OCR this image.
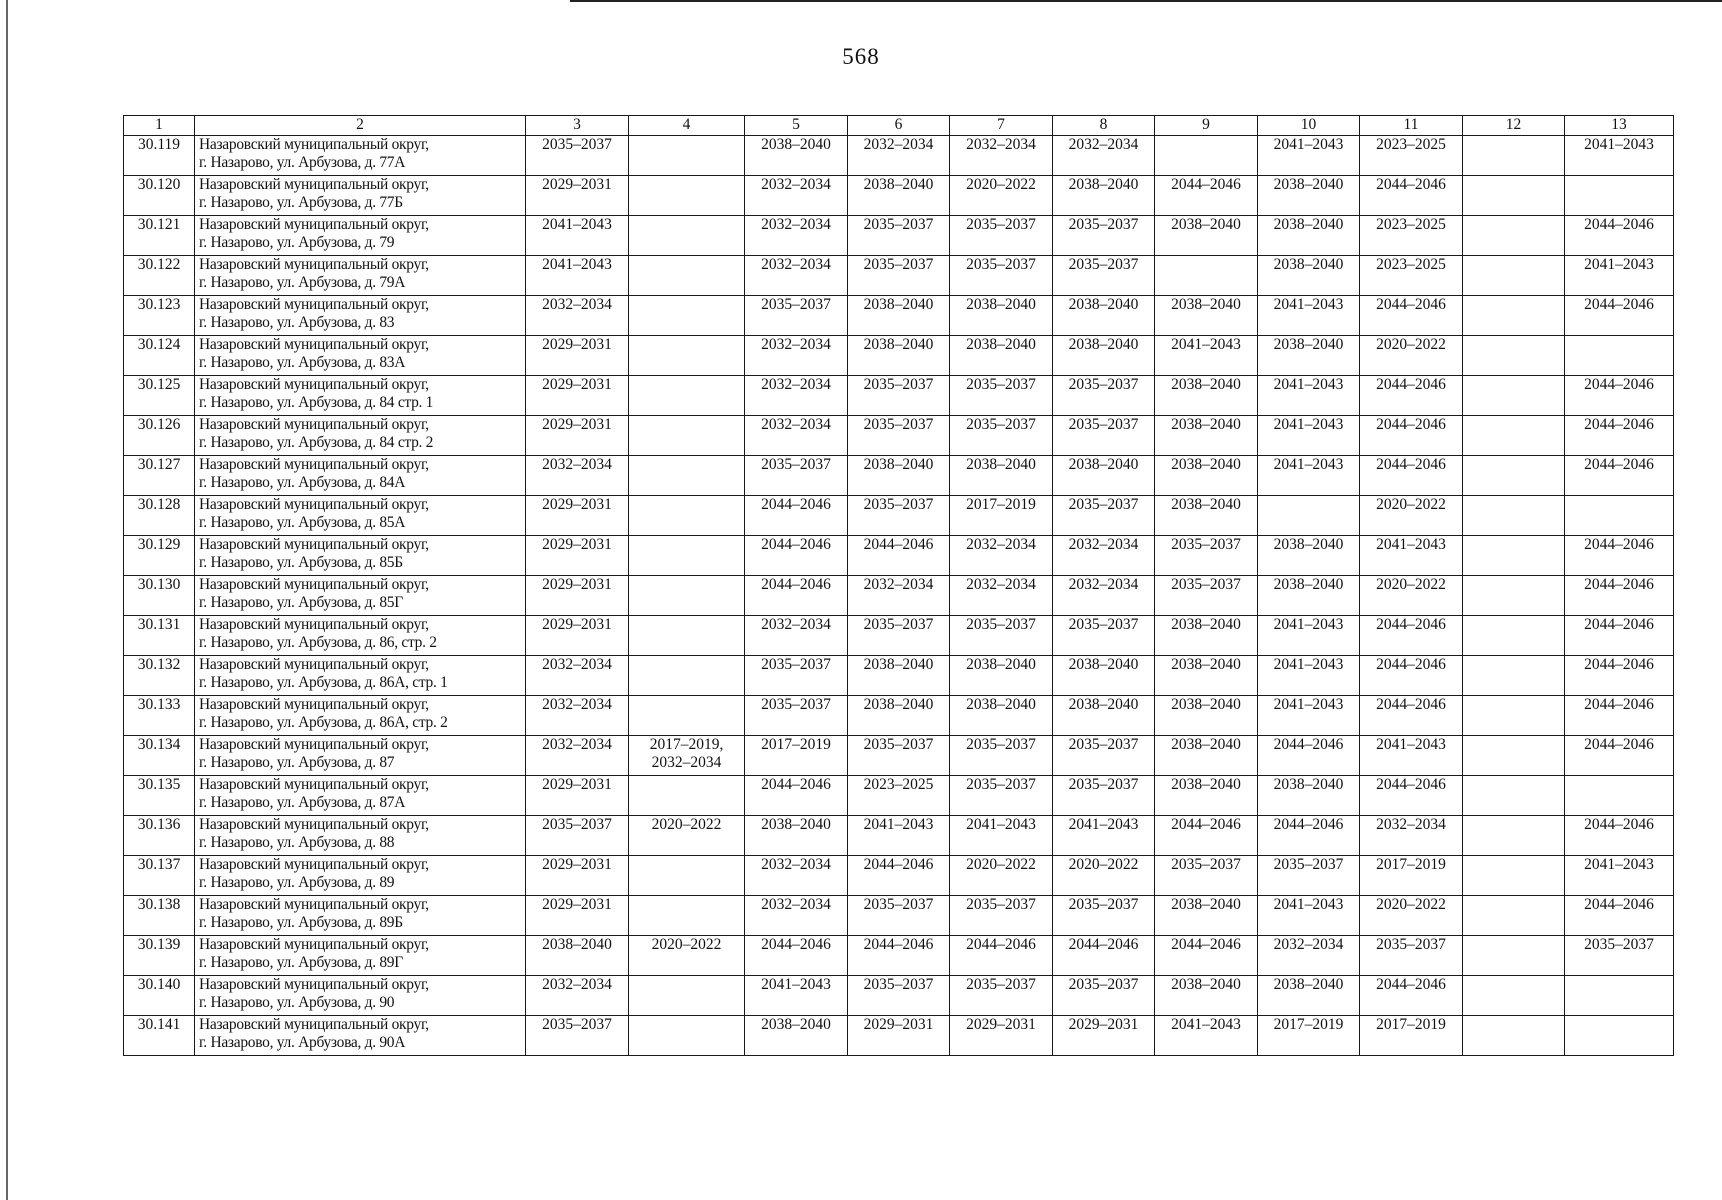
568
1	2	3	4	5	6	7	8	9	10	11	12	13
30.119	Назаровский муниципальный округ,
г. Назарово, ул. Арбузова, д. 77А	2035–2037		2038–2040	2032–2034	2032–2034	2032–2034		2041–2043	2023–2025		2041–2043

30.120	Назаровский муниципальный округ,
г. Назарово, ул. Арбузова, д. 77Б	2029–2031		2032–2034	2038–2040	2020–2022	2038–2040	2044–2046	2038–2040	2044–2046		

30.121	Назаровский муниципальный округ,
г. Назарово, ул. Арбузова, д. 79	2041–2043		2032–2034	2035–2037	2035–2037	2035–2037	2038–2040	2038–2040	2023–2025		2044–2046

30.122	Назаровский муниципальный округ,
г. Назарово, ул. Арбузова, д. 79А	2041–2043		2032–2034	2035–2037	2035–2037	2035–2037		2038–2040	2023–2025		2041–2043

30.123	Назаровский муниципальный округ,
г. Назарово, ул. Арбузова, д. 83	2032–2034		2035–2037	2038–2040	2038–2040	2038–2040	2038–2040	2041–2043	2044–2046		2044–2046

30.124	Назаровский муниципальный округ,
г. Назарово, ул. Арбузова, д. 83А	2029–2031		2032–2034	2038–2040	2038–2040	2038–2040	2041–2043	2038–2040	2020–2022		

30.125	Назаровский муниципальный округ,
г. Назарово, ул. Арбузова, д. 84 стр. 1	2029–2031		2032–2034	2035–2037	2035–2037	2035–2037	2038–2040	2041–2043	2044–2046		2044–2046

30.126	Назаровский муниципальный округ,
г. Назарово, ул. Арбузова, д. 84 стр. 2	2029–2031		2032–2034	2035–2037	2035–2037	2035–2037	2038–2040	2041–2043	2044–2046		2044–2046

30.127	Назаровский муниципальный округ,
г. Назарово, ул. Арбузова, д. 84А	2032–2034		2035–2037	2038–2040	2038–2040	2038–2040	2038–2040	2041–2043	2044–2046		2044–2046

30.128	Назаровский муниципальный округ,
г. Назарово, ул. Арбузова, д. 85А	2029–2031		2044–2046	2035–2037	2017–2019	2035–2037	2038–2040		2020–2022		

30.129	Назаровский муниципальный округ,
г. Назарово, ул. Арбузова, д. 85Б	2029–2031		2044–2046	2044–2046	2032–2034	2032–2034	2035–2037	2038–2040	2041–2043		2044–2046

30.130	Назаровский муниципальный округ,
г. Назарово, ул. Арбузова, д. 85Г	2029–2031		2044–2046	2032–2034	2032–2034	2032–2034	2035–2037	2038–2040	2020–2022		2044–2046

30.131	Назаровский муниципальный округ,
г. Назарово, ул. Арбузова, д. 86, стр. 2	2029–2031		2032–2034	2035–2037	2035–2037	2035–2037	2038–2040	2041–2043	2044–2046		2044–2046

30.132	Назаровский муниципальный округ,
г. Назарово, ул. Арбузова, д. 86А, стр. 1	2032–2034		2035–2037	2038–2040	2038–2040	2038–2040	2038–2040	2041–2043	2044–2046		2044–2046

30.133	Назаровский муниципальный округ,
г. Назарово, ул. Арбузова, д. 86А, стр. 2	2032–2034		2035–2037	2038–2040	2038–2040	2038–2040	2038–2040	2041–2043	2044–2046		2044–2046

30.134	Назаровский муниципальный округ,
г. Назарово, ул. Арбузова, д. 87	2032–2034	2017–2019,
2032–2034	2017–2019	2035–2037	2035–2037	2035–2037	2038–2040	2044–2046	2041–2043		2044–2046

30.135	Назаровский муниципальный округ,
г. Назарово, ул. Арбузова, д. 87А	2029–2031		2044–2046	2023–2025	2035–2037	2035–2037	2038–2040	2038–2040	2044–2046		

30.136	Назаровский муниципальный округ,
г. Назарово, ул. Арбузова, д. 88	2035–2037	2020–2022	2038–2040	2041–2043	2041–2043	2041–2043	2044–2046	2044–2046	2032–2034		2044–2046

30.137	Назаровский муниципальный округ,
г. Назарово, ул. Арбузова, д. 89	2029–2031		2032–2034	2044–2046	2020–2022	2020–2022	2035–2037	2035–2037	2017–2019		2041–2043

30.138	Назаровский муниципальный округ,
г. Назарово, ул. Арбузова, д. 89Б	2029–2031		2032–2034	2035–2037	2035–2037	2035–2037	2038–2040	2041–2043	2020–2022		2044–2046

30.139	Назаровский муниципальный округ,
г. Назарово, ул. Арбузова, д. 89Г	2038–2040	2020–2022	2044–2046	2044–2046	2044–2046	2044–2046	2044–2046	2032–2034	2035–2037		2035–2037

30.140	Назаровский муниципальный округ,
г. Назарово, ул. Арбузова, д. 90	2032–2034		2041–2043	2035–2037	2035–2037	2035–2037	2038–2040	2038–2040	2044–2046		

30.141	Назаровский муниципальный округ,
г. Назарово, ул. Арбузова, д. 90А	2035–2037		2038–2040	2029–2031	2029–2031	2029–2031	2041–2043	2017–2019	2017–2019		
